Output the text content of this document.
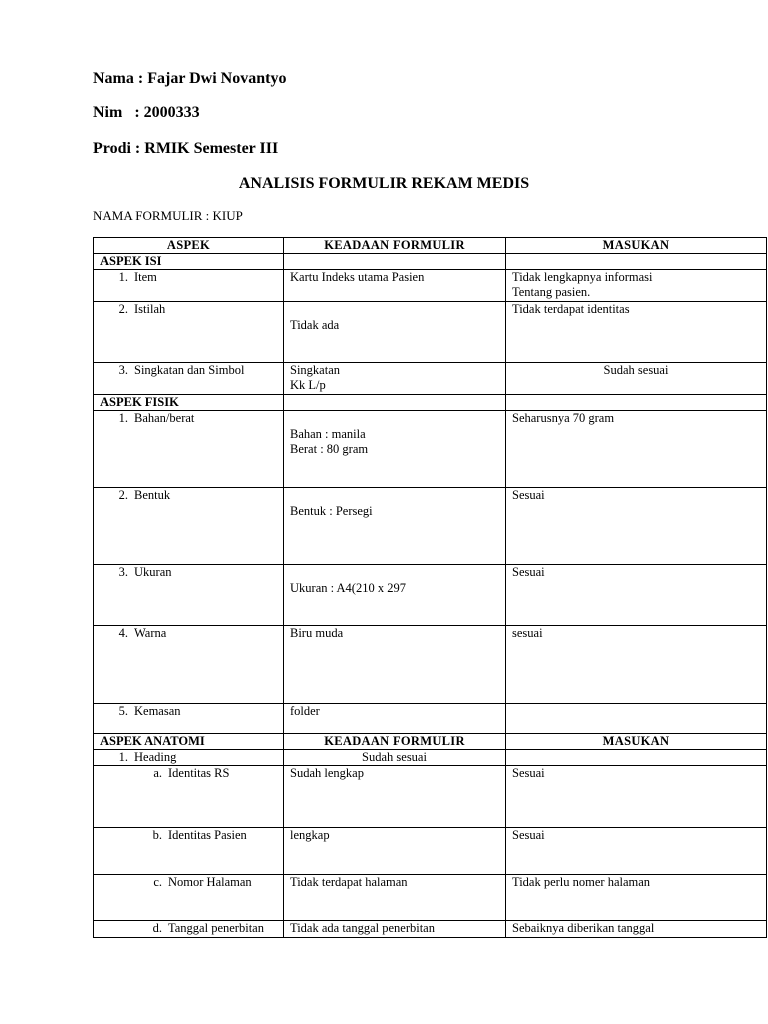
Nama : Fajar Dwi Novantyo
Nim   : 2000333
Prodi : RMIK Semester III
ANALISIS FORMULIR REKAM MEDIS
NAMA FORMULIR : KIUP
ASPEK	KEADAAN FORMULIR	MASUKAN
ASPEK ISI		
1. Item	Kartu Indeks utama Pasien	Tidak lengkapnya informasi
Tentang pasien.

2. Istilah	Tidak ada	Tidak terdapat identitas

3. Singkatan dan Simbol	Singkatan
Kk L/p	Sudah sesuai

ASPEK FISIK		
1. Bahan/berat	Bahan : manila
Berat : 80 gram	Seharusnya 70 gram

2. Bentuk	Bentuk : Persegi	Sesuai

3. Ukuran	Ukuran : A4(210 x 297	Sesuai

4. Warna	Biru muda	sesuai

5. Kemasan	folder	

ASPEK ANATOMI	KEADAAN FORMULIR	MASUKAN
1. Heading	Sudah sesuai	
a. Identitas RS	Sudah lengkap	Sesuai

b. Identitas Pasien	lengkap	Sesuai

c. Nomor Halaman	Tidak terdapat halaman	Tidak perlu nomer halaman

d. Tanggal penerbitan	Tidak ada tanggal penerbitan	Sebaiknya diberikan tanggal
